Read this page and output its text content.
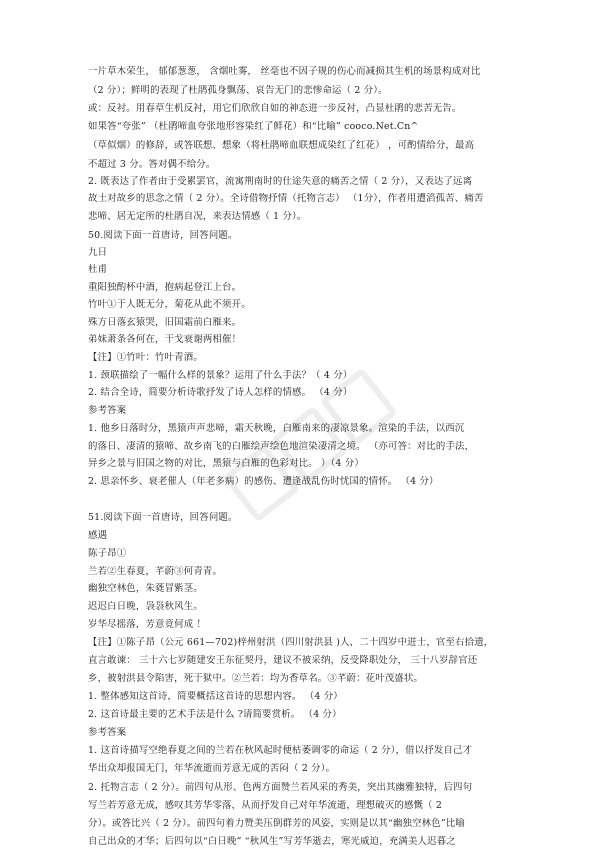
一片草木荣生， 郁郁葱葱， 含烟吐雾， 丝毫也不因子规的伤心而减损其生机的场景构成对比
（2 分）；鲜明的表现了杜鹃孤身飘荡、哀告无门的悲惨命运（ 2 分）。
或：反衬。用春草生机反衬，用它们欣欣自如的神态进一步反衬，凸显杜鹃的悲苦无告。
如果答“夸张” （杜鹃啼血夸张地形容染红了鲜花）和“比喻” cooco.Net.Cn^
（草似烟）的修辞，或答联想、想象（将杜鹃啼血联想成染红了红花） ，可酌情给分，最高
不超过 3 分。答对偶不给分。
2. 既表达了作者由于受累罢官，流寓荆南时的仕途失意的痛苦之情（ 2 分），又表达了远离
故土对故乡的思念之情（ 2 分）。全诗借物抒情（托物言志） （1分），作者用遭滔孤苦、痛苦
悲啼、居无定所的杜鹃自况，来表达情感（ 1 分）。
50.阅读下面一首唐诗，回答问题。
九日
杜甫
重阳独酌杯中酒，抱病起登江上台。
竹叶①于人既无分，菊花从此不须开。
殊方日落玄猿哭，旧国霜前白雁来。
弟妹萧条各何在，干戈衰谢两相催！
【注】①竹叶：竹叶青酒。
1. 颈联描绘了一幅什么样的景象？运用了什么手法？（ 4 分）
2. 结合全诗，简要分析诗歌抒发了诗人怎样的情感。 （4 分）
参考答案
1. 他乡日落时分，黑猿声声悲啼，霜天秋晚，白雁南来的凄凉景象。渲染的手法，以西沉
的落日、凄清的猿啼、故乡南飞的白雁绘声绘色地渲染凄清之境。 （亦可答：对比的手法，
异乡之景与旧国之物的对比，黑猿与白雁的色彩对比。 ）（4 分）
2. 思亲怀乡、衰老催人（年老多病）的感伤、遭逢战乱伤时忧国的情怀。 （4 分）
51.阅读下面一首唐诗，回答问题。
感遇
陈子昂①
兰若②生春夏，芊蔚③何青青。
幽独空林色，朱蕤冒紫茎。
迟迟白日晚，袅袅秋风生。
岁华尽摇落，芳意竟何成 ！
【注】①陈子昂（公元 661—702)梓州射洪（四川射洪县 )人，二十四岁中进士，官至右拾遗，
直言敢谏： 三十六七岁随建安王东征契丹，建议不被采纳，反受降职处分， 三十八岁辞官还
乡，被射洪县令陷害，死于狱中。②兰若：均为香草名。③芊蔚：花叶茂盛状。
1. 整体感知这首诗，简要概括这首诗的思想内容。 （4 分）
2. 这首诗最主要的艺术手法是什么 ?请简要赏析。 （4 分）
参考答案
1. 这首诗描写空绝春夏之间的兰若在秋风起时便枯萎调零的命运（ 2 分），借以抒发自己才
华出众却报国无门，年华流逝而芳意无成的苦闷（ 2 分）。
2. 托物言志（ 2 分）。前四句从形、色两方面赞兰若风采的秀美，突出其幽雅独特，后四句
写兰若芳意无成，感叹其芳华零落，从而抒发自己对年华流逝，理想破灭的感慨（ 2
分）。或答比兴（ 2 分）。前四句着力赞美压倒群芳的风姿，实则是以其“幽独空林色”比喻
自己出众的才华；后四句以“白日晚” “秋风生”写芳华逝去，寒光威迫，充满美人迟暮之
